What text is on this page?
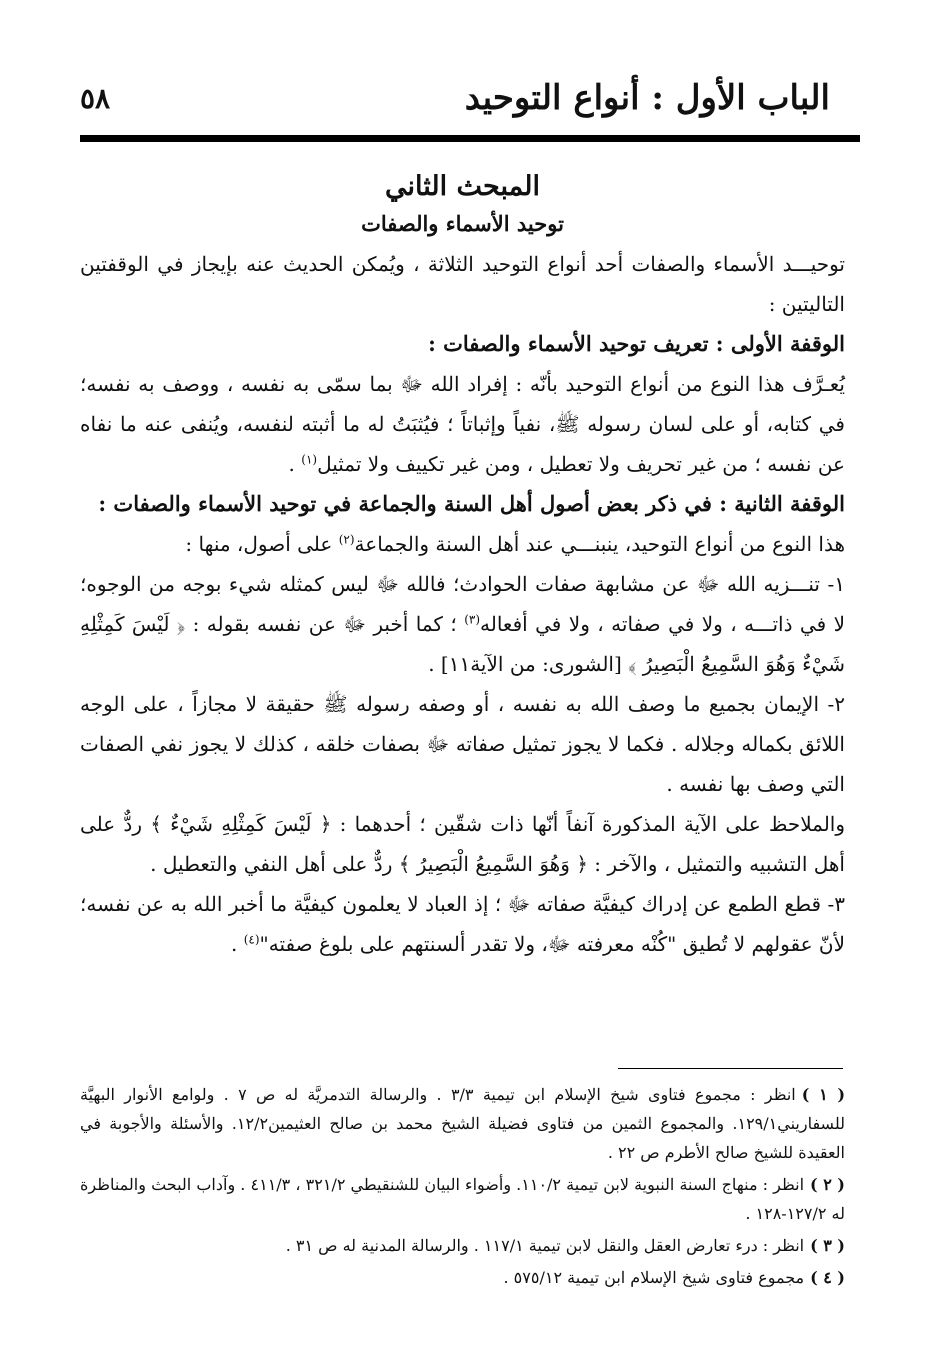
الباب الأول : أنواع التوحيد
٥٨
المبحث الثاني
توحيد الأسماء والصفات

توحيـــد الأسماء والصفات أحد أنواع التوحيد الثلاثة ، ويُمكن الحديث عنه بإيجاز في الوقفتين التاليتين :

الوقفة الأولى : تعريف توحيد الأسماء والصفات :

يُعـرَّف هذا النوع من أنواع التوحيد بأنّه : إفراد الله ﷻ بما سمّى به نفسه ، ووصف به نفسه؛ في كتابه، أو على لسان رسوله ﷺ، نفياً وإثباتاً ؛ فيُثبَتُ له ما أثبته لنفسه، ويُنفى عنه ما نفاه عن نفسه ؛ من غير تحريف ولا تعطيل ، ومن غير تكييف ولا تمثيل$^{(١)}$ .

الوقفة الثانية : في ذكر بعض أصول أهل السنة والجماعة في توحيد الأسماء والصفات :

هذا النوع من أنواع التوحيد، ينبنـــي عند أهل السنة والجماعة$^{(٢)}$ على أصول، منها :

١- تنـــزيه الله ﷻ عن مشابهة صفات الحوادث؛ فالله ﷻ ليس كمثله شيء بوجه من الوجوه؛ لا في ذاتـــه ، ولا في صفاته ، ولا في أفعاله$^{(٣)}$ ؛ كما أخبر ﷻ عن نفسه بقوله : ﴿ لَيْسَ كَمِثْلِهِ شَيْءٌ وَهُوَ السَّمِيعُ الْبَصِيرُ ﴾ [الشورى: من الآية١١] .

٢- الإيمان بجميع ما وصف الله به نفسه ، أو وصفه رسوله ﷺ حقيقة لا مجازاً ، على الوجه اللائق بكماله وجلاله . فكما لا يجوز تمثيل صفاته ﷻ بصفات خلقه ، كذلك لا يجوز نفي الصفات التي وصف بها نفسه .

والملاحظ على الآية المذكورة آنفاً أنّها ذات شقّين ؛ أحدهما : ﴿ لَيْسَ كَمِثْلِهِ شَيْءٌ ﴾ ردٌّ على أهل التشبيه والتمثيل ، والآخر : ﴿ وَهُوَ السَّمِيعُ الْبَصِيرُ ﴾ ردٌّ على أهل النفي والتعطيل .

٣- قطع الطمع عن إدراك كيفيَّة صفاته ﷻ ؛ إذ العباد لا يعلمون كيفيَّة ما أخبر الله به عن نفسه؛ لأنّ عقولهم لا تُطيق "كُنْه معرفته ﷻ، ولا تقدر ألسنتهم على بلوغ صفته"$^{(٤)}$ .

( ١ )انظر : مجموع فتاوى شيخ الإسلام ابن تيمية ٣/٣ . والرسالة التدمريَّة له ص ٧ . ولوامع الأنوار البهيَّة للسفاريني١٢٩/١. والمجموع الثمين من فتاوى فضيلة الشيخ محمد بن صالح العثيمين١٢/٢. والأسئلة والأجوبة في العقيدة للشيخ صالح الأطرم ص ٢٢ .

( ٢ )انظر : منهاج السنة النبوية لابن تيمية ١١٠/٢. وأضواء البيان للشنقيطي ٣٢١/٢ ، ٤١١/٣ . وآداب البحث والمناظرة له ١٢٧/٢-١٢٨ .

( ٣ )انظر : درء تعارض العقل والنقل لابن تيمية ١١٧/١ . والرسالة المدنية له ص ٣١ .

( ٤ )مجموع فتاوى شيخ الإسلام ابن تيمية ٥٧٥/١٢ .
